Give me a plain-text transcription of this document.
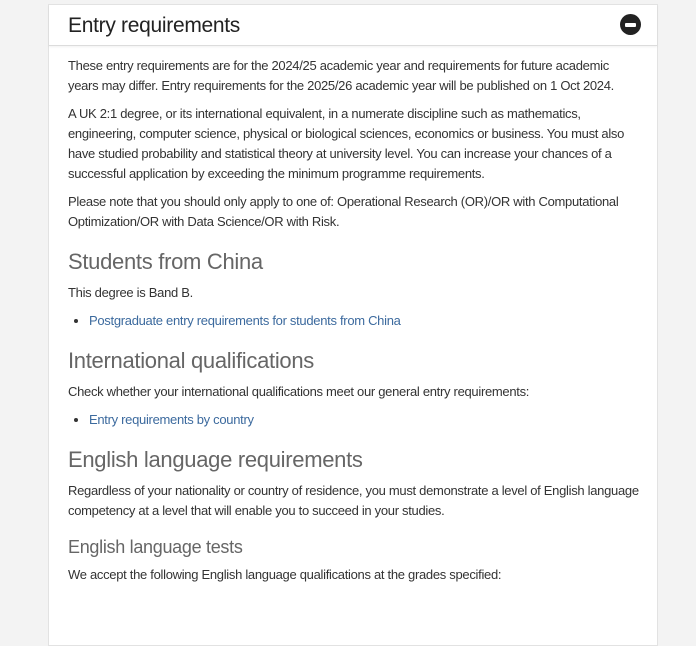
Entry requirements

These entry requirements are for the 2024/25 academic year and requirements for future academic years may differ. Entry requirements for the 2025/26 academic year will be published on 1 Oct 2024.

A UK 2:1 degree, or its international equivalent, in a numerate discipline such as mathematics, engineering, computer science, physical or biological sciences, economics or business. You must also have studied probability and statistical theory at university level. You can increase your chances of a successful application by exceeding the minimum programme requirements.

Please note that you should only apply to one of: Operational Research (OR)/OR with Computational Optimization/OR with Data Science/OR with Risk.

Students from China

This degree is Band B.

• Postgraduate entry requirements for students from China
International qualifications

Check whether your international qualifications meet our general entry requirements:

• Entry requirements by country
English language requirements

Regardless of your nationality or country of residence, you must demonstrate a level of English language competency at a level that will enable you to succeed in your studies.

English language tests

We accept the following English language qualifications at the grades specified:
